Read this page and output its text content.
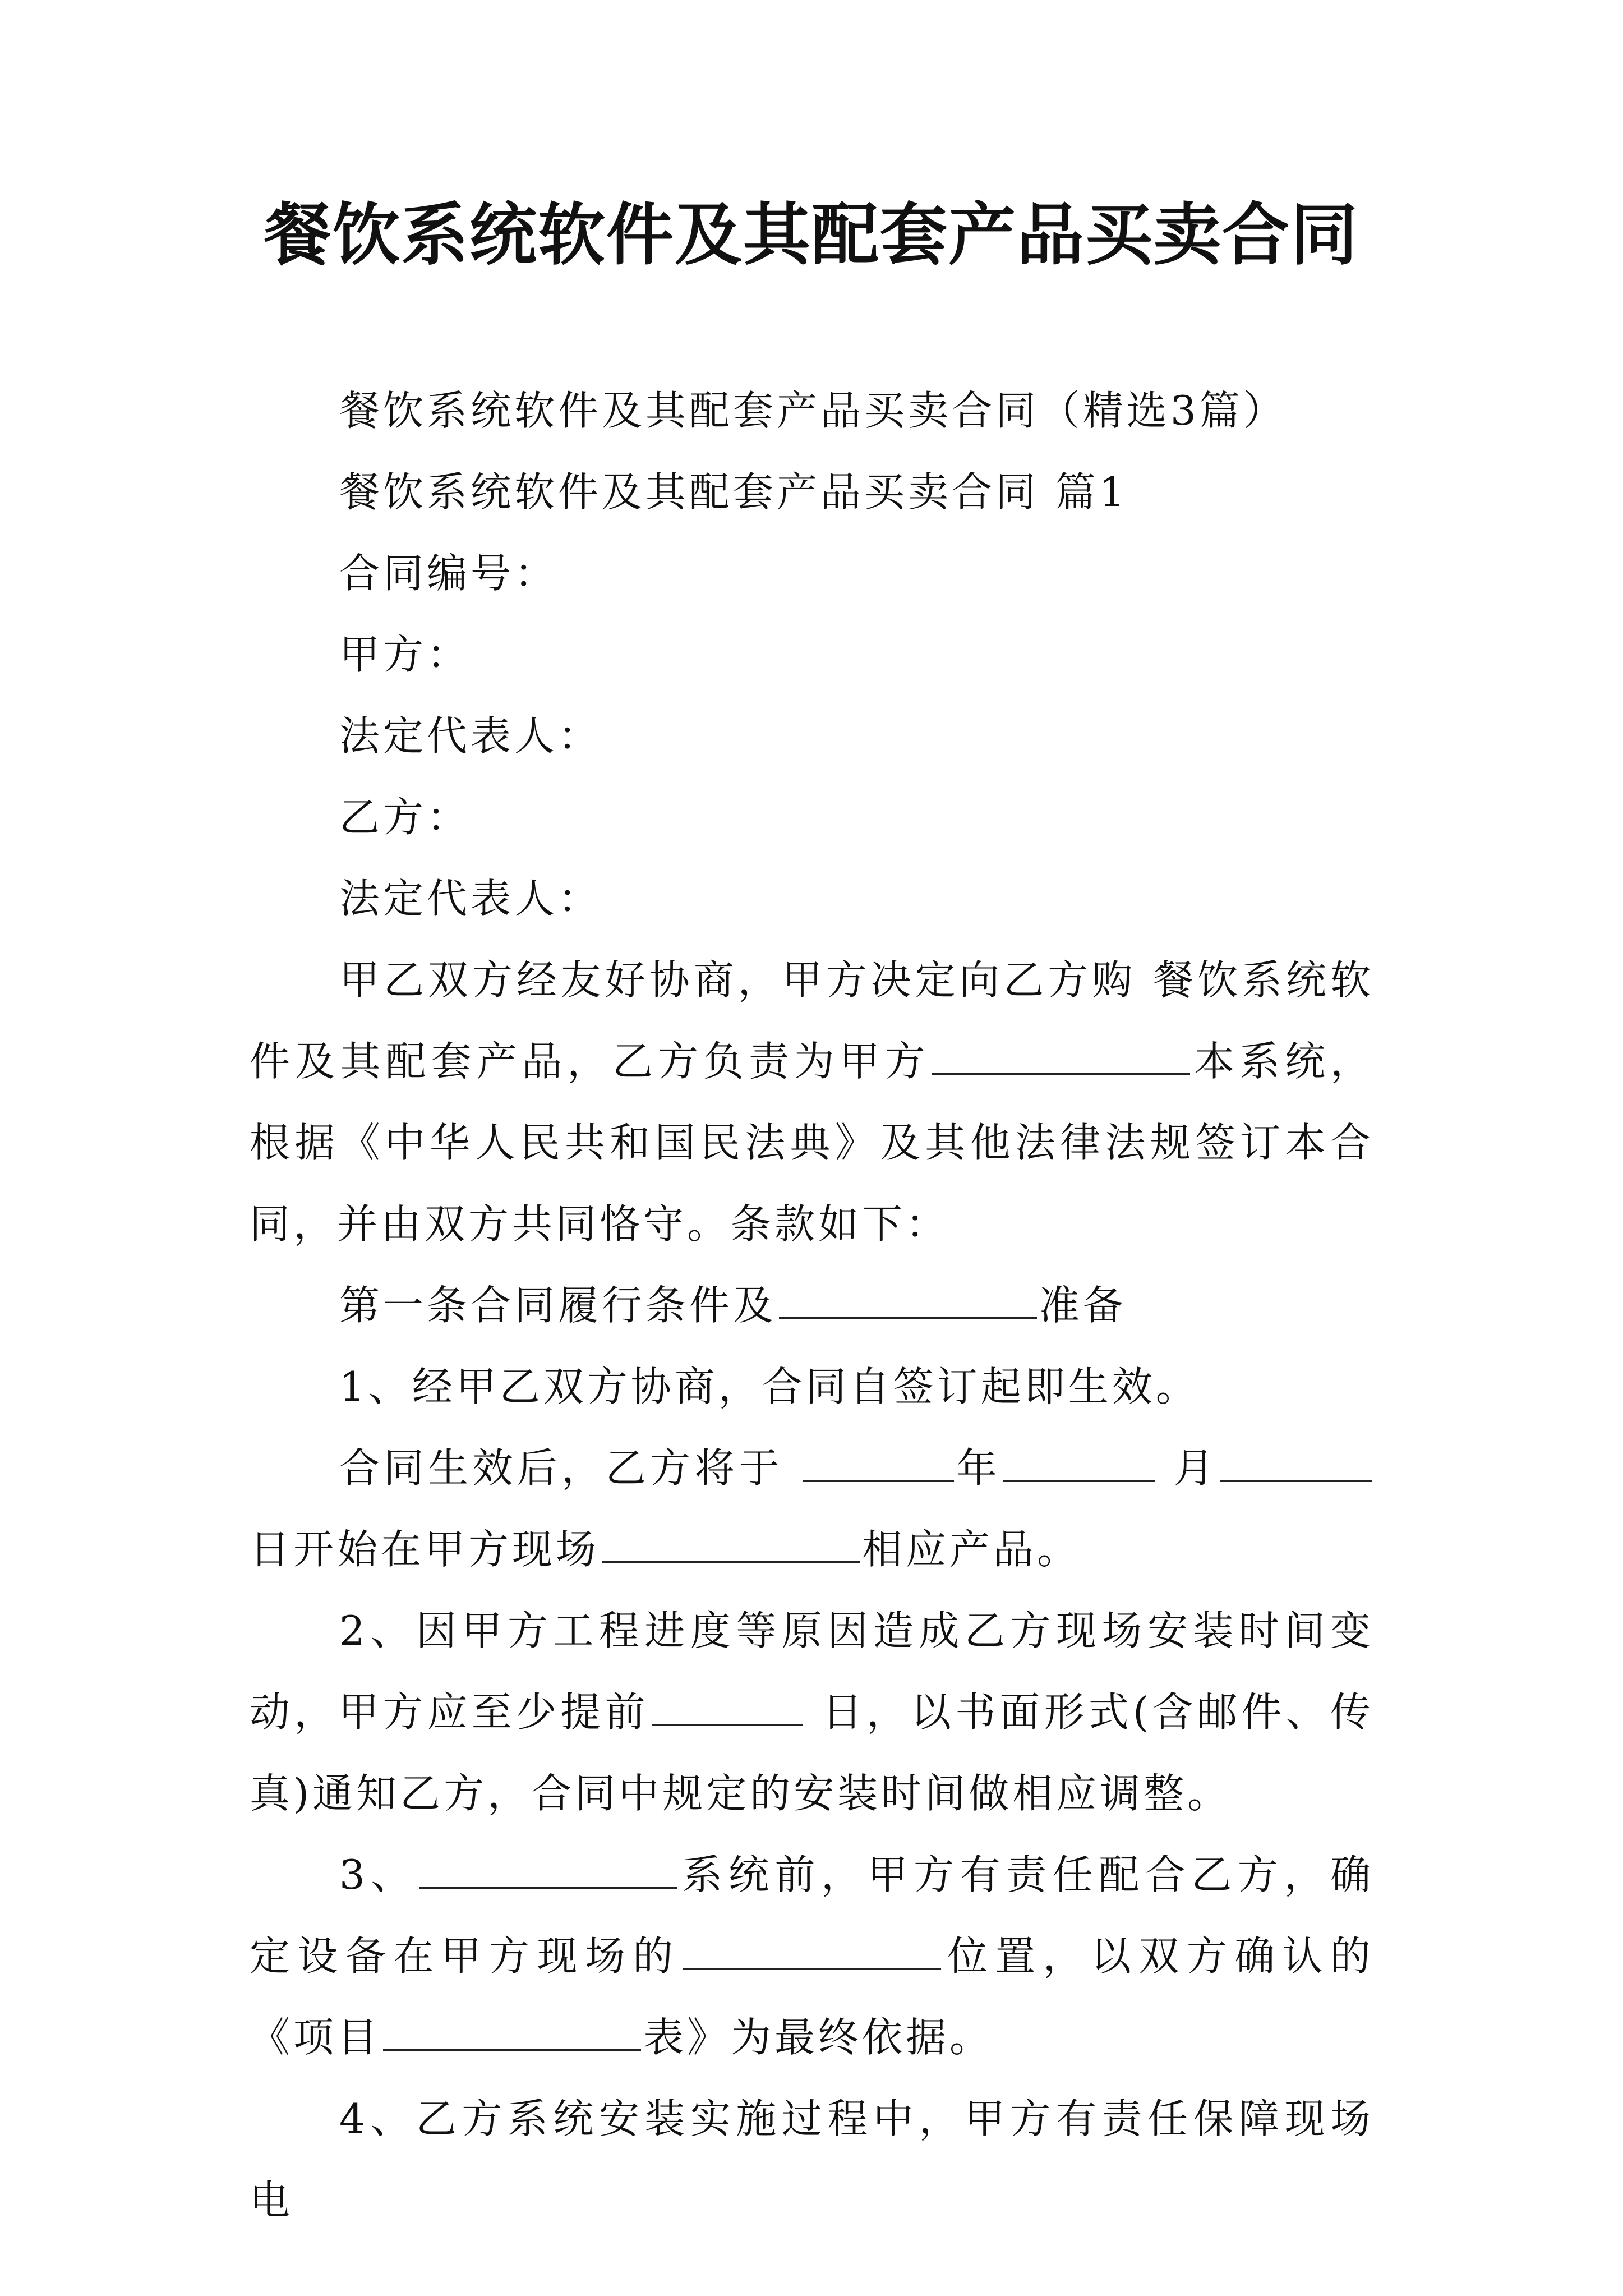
餐饮系统软件及其配套产品买卖合同

餐饮系统软件及其配套产品买卖合同（精选3篇）

餐饮系统软件及其配套产品买卖合同 篇1

合同编号：

甲方：

法定代表人：

乙方：

法定代表人：

甲乙双方经友好协商，甲方决定向乙方购 餐饮系统软件及其配套产品，乙方负责为甲方	本系统，根据《中华人民共和国民法典》及其他法律法规签订本合同，并由双方共同恪守。条款如下：

第一条合同履行条件及	准备

1、经甲乙双方协商，合同自签订起即生效。

合同生效后，乙方将于	年	月日开始在甲方现场	相应产品。

2、因甲方工程进度等原因造成乙方现场安装时间变动，甲方应至少提前	日，以书面形式(含邮件、传真)通知乙方，合同中规定的安装时间做相应调整。

3、	系统前，甲方有责任配合乙方，确定设备在甲方现场的	位置，以双方确认的《项目	表》为最终依据。

4、乙方系统安装实施过程中，甲方有责任保障现场电
